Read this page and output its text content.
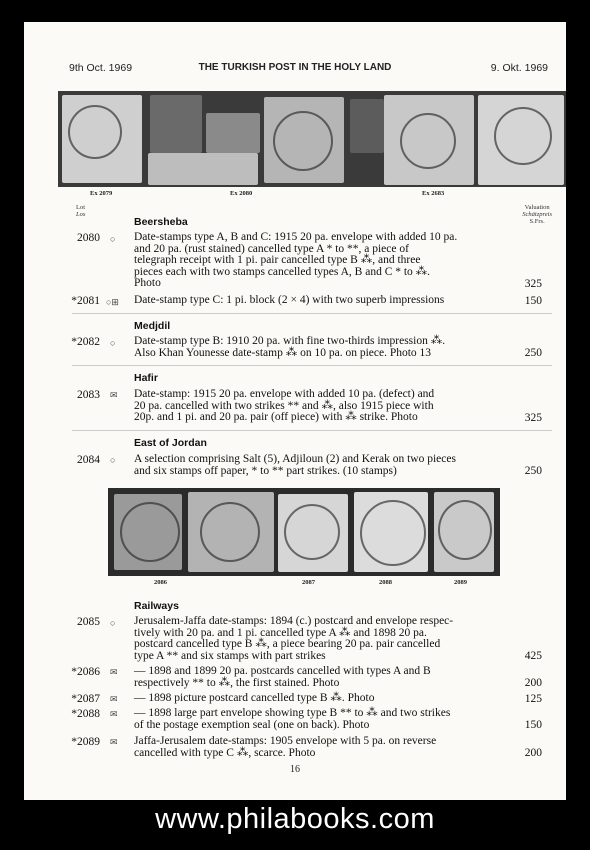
9th Oct. 1969	THE TURKISH POST IN THE HOLY LAND	9. Okt. 1969
Ex 2079	Ex 2080	Ex 2683
Lot
Los
Valuation
Schätzpreis
S.Frs.
Beersheba
2080 ○ Date-stamps type A, B and C: 1915 20 pa. envelope with added 10 pa.
and 20 pa. (rust stained) cancelled type A * to **, a piece of
telegraph receipt with 1 pi. pair cancelled type B ⁂, and three
pieces each with two stamps cancelled types A, B and C * to ⁂.
Photo	325
*2081 ○⊞ Date-stamp type C: 1 pi. block (2 × 4) with two superb impressions	150
Medjdil
*2082 ○ Date-stamp type B: 1910 20 pa. with fine two-thirds impression ⁂.
Also Khan Younesse date-stamp ⁂ on 10 pa. on piece. Photo 13	250
Hafir
2083 ✉ Date-stamp: 1915 20 pa. envelope with added 10 pa. (defect) and
20 pa. cancelled with two strikes ** and ⁂, also 1915 piece with
20p. and 1 pi. and 20 pa. pair (off piece) with ⁂ strike. Photo	325
East of Jordan
2084 ○ A selection comprising Salt (5), Adjiloun (2) and Kerak on two pieces
and six stamps off paper, * to ** part strikes. (10 stamps)	250
2086	2087	2088	2089
Railways
2085 ○ Jerusalem-Jaffa date-stamps: 1894 (c.) postcard and envelope respec-
tively with 20 pa. and 1 pi. cancelled type A ⁂ and 1898 20 pa.
postcard cancelled type B ⁂, a piece bearing 20 pa. pair cancelled
type A ** and six stamps with part strikes	425
*2086 ✉ — 1898 and 1899 20 pa. postcards cancelled with types A and B
respectively ** to ⁂, the first stained. Photo	200
*2087 ✉ — 1898 picture postcard cancelled type B ⁂. Photo	125
*2088 ✉ — 1898 large part envelope showing type B ** to ⁂ and two strikes
of the postage exemption seal (one on back). Photo	150
*2089 ✉ Jaffa-Jerusalem date-stamps: 1905 envelope with 5 pa. on reverse
cancelled with type C ⁂, scarce. Photo	200
16
www.philabooks.com
